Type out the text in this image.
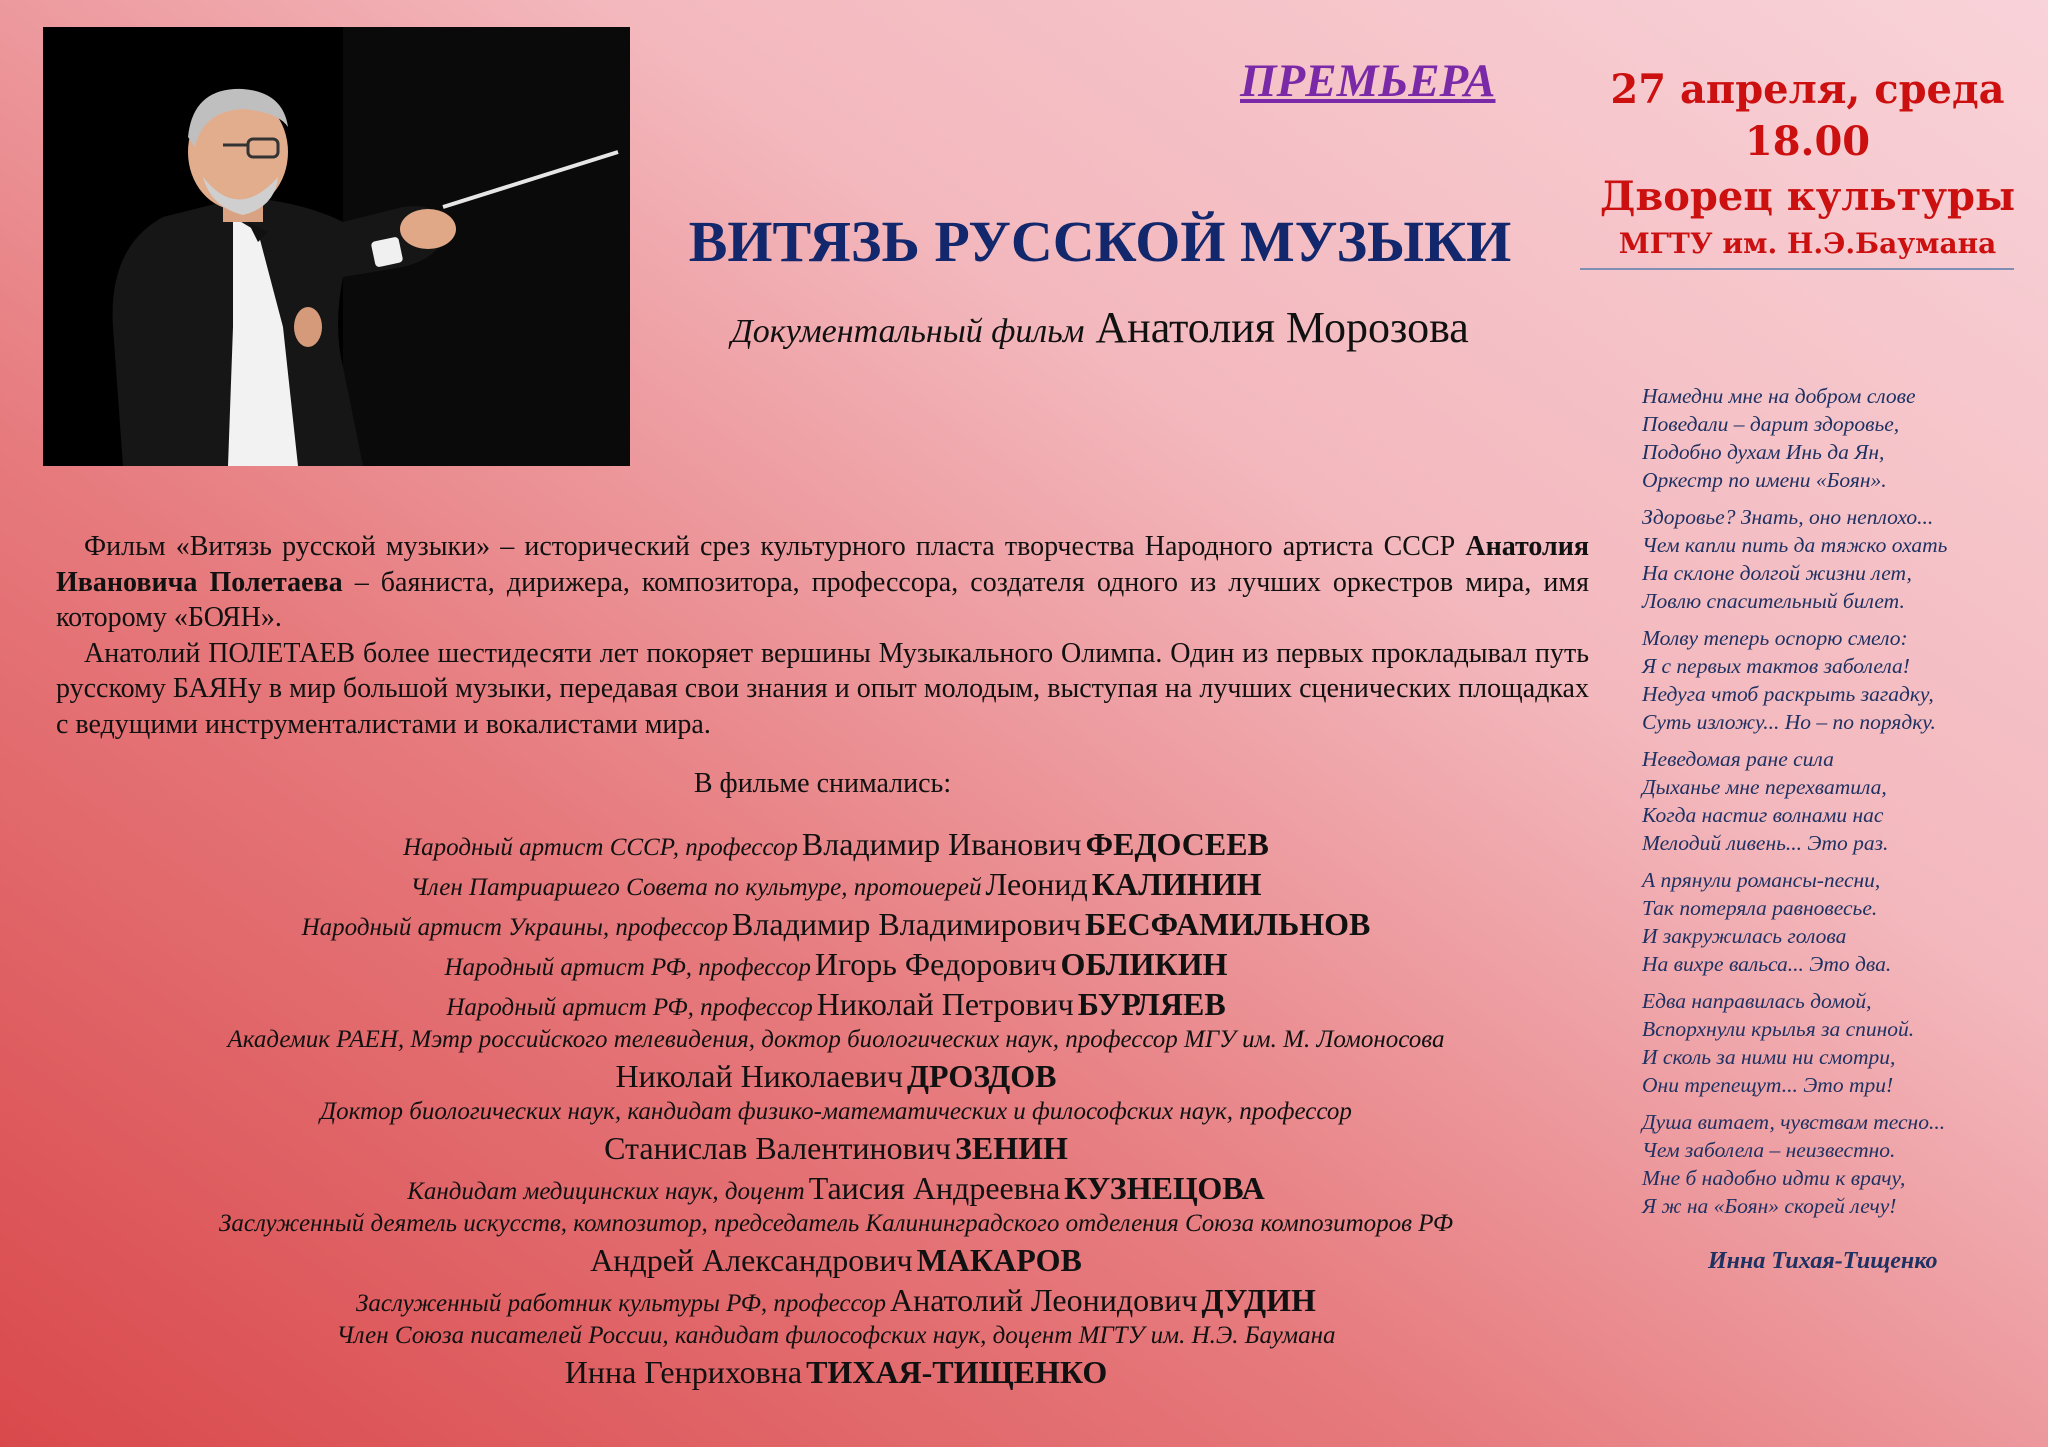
ПРЕМЬЕРА	27 апреля, среда
18.00
Дворец культуры
МГТУ им. Н.Э.Баумана
ВИТЯЗЬ РУССКОЙ МУЗЫКИ
Документальный фильм Анатолия Морозова

Фильм «Витязь русской музыки» – исторический срез культурного пласта творчества Народного артиста СССР Анатолия Ивановича Полетаева – баяниста, дирижера, композитора, профессора, создателя одного из лучших оркестров мира, имя которому «БОЯН».

Анатолий ПОЛЕТАЕВ более шестидесяти лет покоряет вершины Музыкального Олимпа. Один из первых прокладывал путь русскому БАЯНу в мир большой музыки, передавая свои знания и опыт молодым, выступая на лучших сценических площадках с ведущими инструменталистами и вокалистами мира.

В фильме снимались:
Народный артист СССР, профессор Владимир Иванович ФЕДОСЕЕВ
Член Патриаршего Совета по культуре, протоиерей Леонид КАЛИНИН
Народный артист Украины, профессор Владимир Владимирович БЕСФАМИЛЬНОВ
Народный артист РФ, профессор Игорь Федорович ОБЛИКИН
Народный артист РФ, профессор Николай Петрович БУРЛЯЕВ
Академик РАЕН, Мэтр российского телевидения, доктор биологических наук, профессор МГУ им. М. Ломоносова
Николай Николаевич ДРОЗДОВ
Доктор биологических наук, кандидат физико-математических и философских наук, профессор
Станислав Валентинович ЗЕНИН
Кандидат медицинских наук, доцент Таисия Андреевна КУЗНЕЦОВА
Заслуженный деятель искусств, композитор, председатель Калининградского отделения Союза композиторов РФ
Андрей Александрович МАКАРОВ
Заслуженный работник культуры РФ, профессор Анатолий Леонидович ДУДИН
Член Союза писателей России, кандидат философских наук, доцент МГТУ им. Н.Э. Баумана
Инна Генриховна ТИХАЯ-ТИЩЕНКО
Намедни мне на добром слове
Поведали – дарит здоровье,
Подобно духам Инь да Ян,
Оркестр по имени «Боян».
Здоровье? Знать, оно неплохо...
Чем капли пить да тяжко охать
На склоне долгой жизни лет,
Ловлю спасительный билет.
Молву теперь оспорю смело:
Я с первых тактов заболела!
Недуга чтоб раскрыть загадку,
Суть изложу... Но – по порядку.
Неведомая ране сила
Дыханье мне перехватила,
Когда настиг волнами нас
Мелодий ливень... Это раз.
А прянули романсы-песни,
Так потеряла равновесье.
И закружилась голова
На вихре вальса... Это два.
Едва направилась домой,
Вспорхнули крылья за спиной.
И сколь за ними ни смотри,
Они трепещут... Это три!
Душа витает, чувствам тесно...
Чем заболела – неизвестно.
Мне б надобно идти к врачу,
Я ж на «Боян» скорей лечу!
Инна Тихая-Тищенко
